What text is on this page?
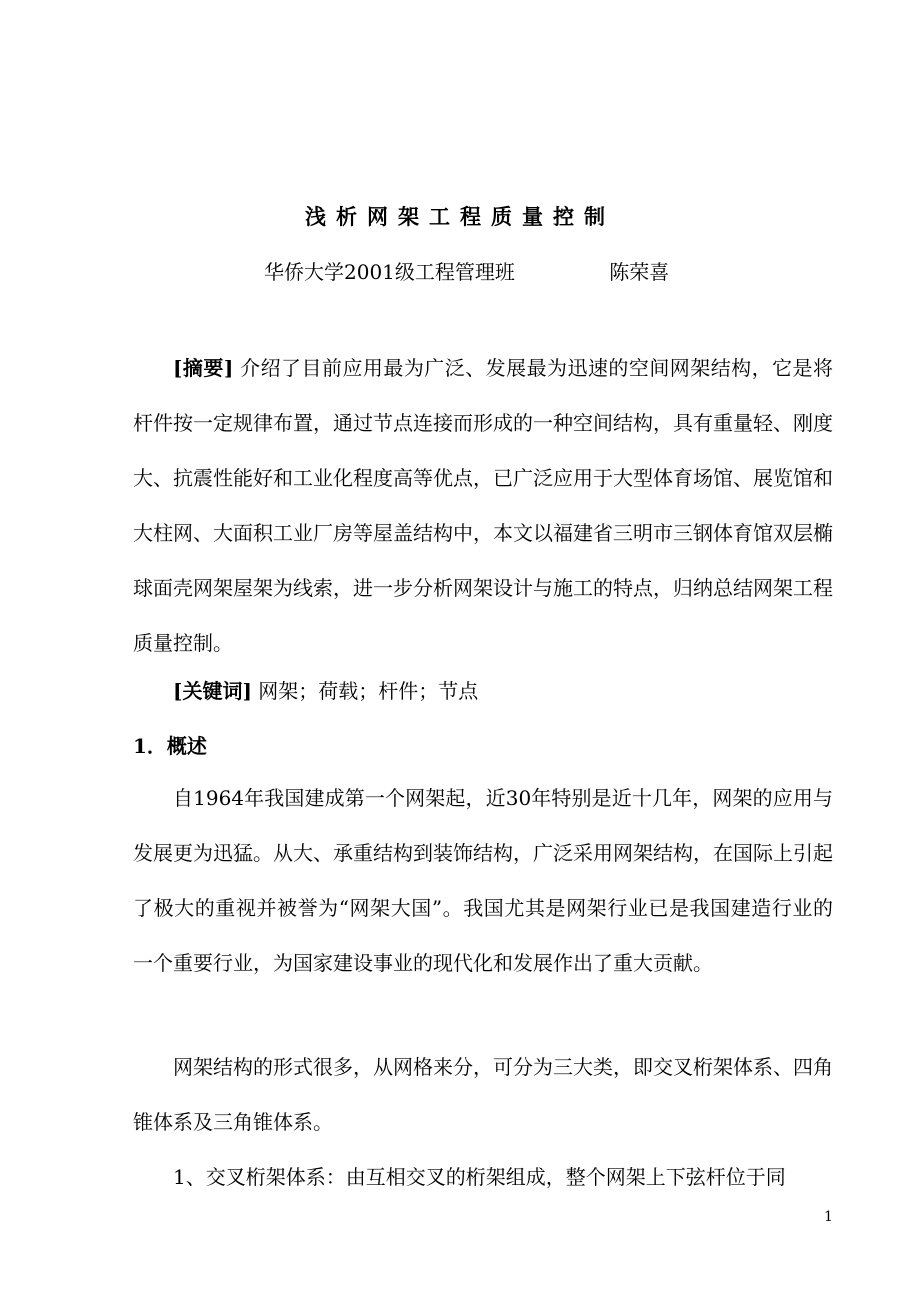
浅析网架工程质量控制
华侨大学2001级工程管理班	陈荣喜
[摘要] 介绍了目前应用最为广泛、发展最为迅速的空间网架结构，它是将杆件按一定规律布置，通过节点连接而形成的一种空间结构，具有重量轻、刚度大、抗震性能好和工业化程度高等优点，已广泛应用于大型体育场馆、展览馆和大柱网、大面积工业厂房等屋盖结构中，本文以福建省三明市三钢体育馆双层椭球面壳网架屋架为线索，进一步分析网架设计与施工的特点，归纳总结网架工程质量控制。
[关键词] 网架；荷载；杆件；节点
1．概述

自1964年我国建成第一个网架起，近30年特别是近十几年，网架的应用与发展更为迅猛。从大、承重结构到装饰结构，广泛采用网架结构，在国际上引起了极大的重视并被誉为“网架大国”。我国尤其是网架行业已是我国建造行业的一个重要行业，为国家建设事业的现代化和发展作出了重大贡献。

网架结构的形式很多，从网格来分，可分为三大类，即交叉桁架体系、四角锥体系及三角锥体系。

1、交叉桁架体系：由互相交叉的桁架组成，整个网架上下弦杆位于同

1
